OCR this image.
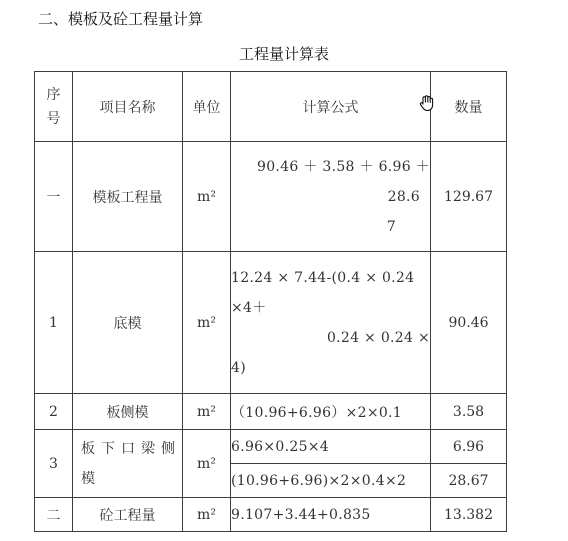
二、模板及砼工程量计算
工程量计算表
序号	项目名称	单位	计算公式	数量
一	模板工程量	m²	90.46 ＋ 3.58 ＋ 6.96 ＋
28.6
7	129.67
1	底模	m²	12.24 × 7.44-(0.4 × 0.24
×4＋
0.24 × 0.24 ×
4)	90.46
2	板侧模	m²	（10.96+6.96）×2×0.1	3.58
3	板下口梁侧
模	m²	6.96×0.25×4	6.96
			(10.96+6.96)×2×0.4×2	28.67
二	砼工程量	m²	9.107+3.44+0.835	13.382
